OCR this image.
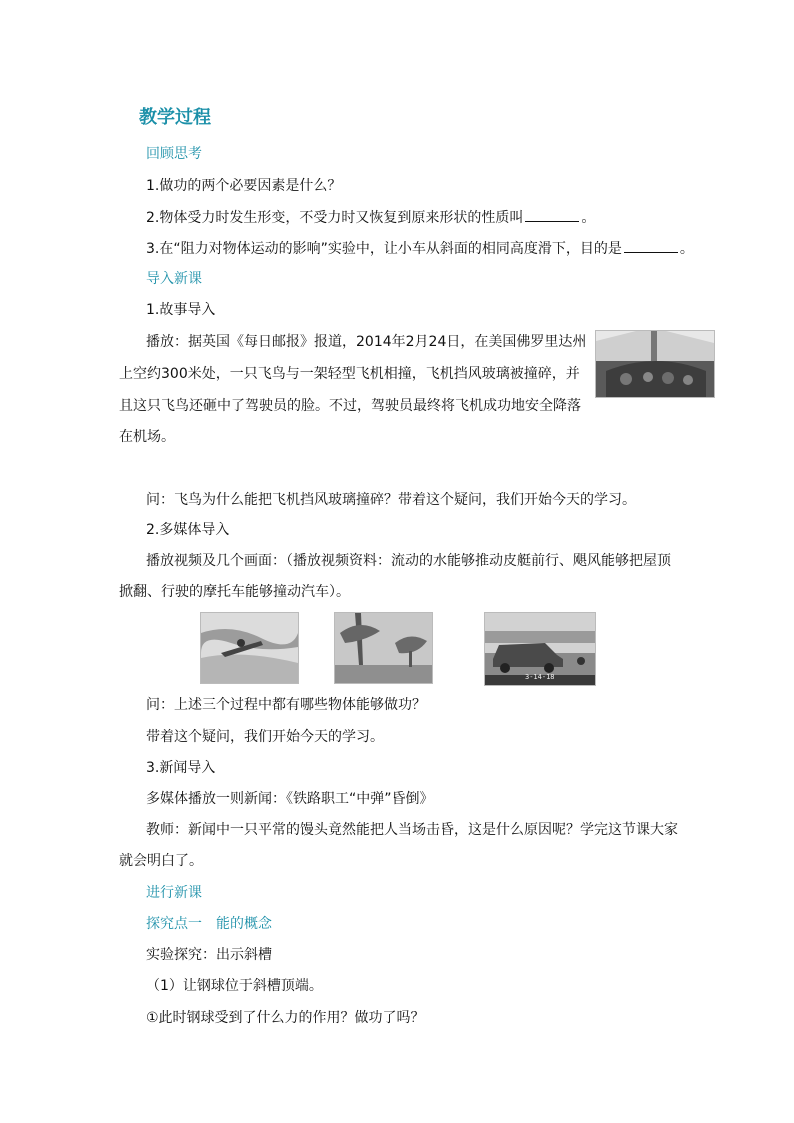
教学过程
回顾思考
1.做功的两个必要因素是什么？
2.物体受力时发生形变，不受力时又恢复到原来形状的性质叫	。
3.在“阻力对物体运动的影响”实验中，让小车从斜面的相同高度滑下，目的是	。
导入新课
1.故事导入
播放：据英国《每日邮报》报道，2014年2月24日，在美国佛罗里达州
上空约300米处，一只飞鸟与一架轻型飞机相撞，飞机挡风玻璃被撞碎，并
且这只飞鸟还砸中了驾驶员的脸。不过，驾驶员最终将飞机成功地安全降落
在机场。
问：飞鸟为什么能把飞机挡风玻璃撞碎？带着这个疑问，我们开始今天的学习。
2.多媒体导入
播放视频及几个画面：（播放视频资料：流动的水能够推动皮艇前行、飓风能够把屋顶
掀翻、行驶的摩托车能够撞动汽车）。
3-14-18
问：上述三个过程中都有哪些物体能够做功？
带着这个疑问，我们开始今天的学习。
3.新闻导入
多媒体播放一则新闻：《铁路职工“中弹”昏倒》
教师：新闻中一只平常的馒头竟然能把人当场击昏，这是什么原因呢？学完这节课大家
就会明白了。
进行新课
探究点一　能的概念
实验探究：出示斜槽
（1）让钢球位于斜槽顶端。
①此时钢球受到了什么力的作用？做功了吗？
